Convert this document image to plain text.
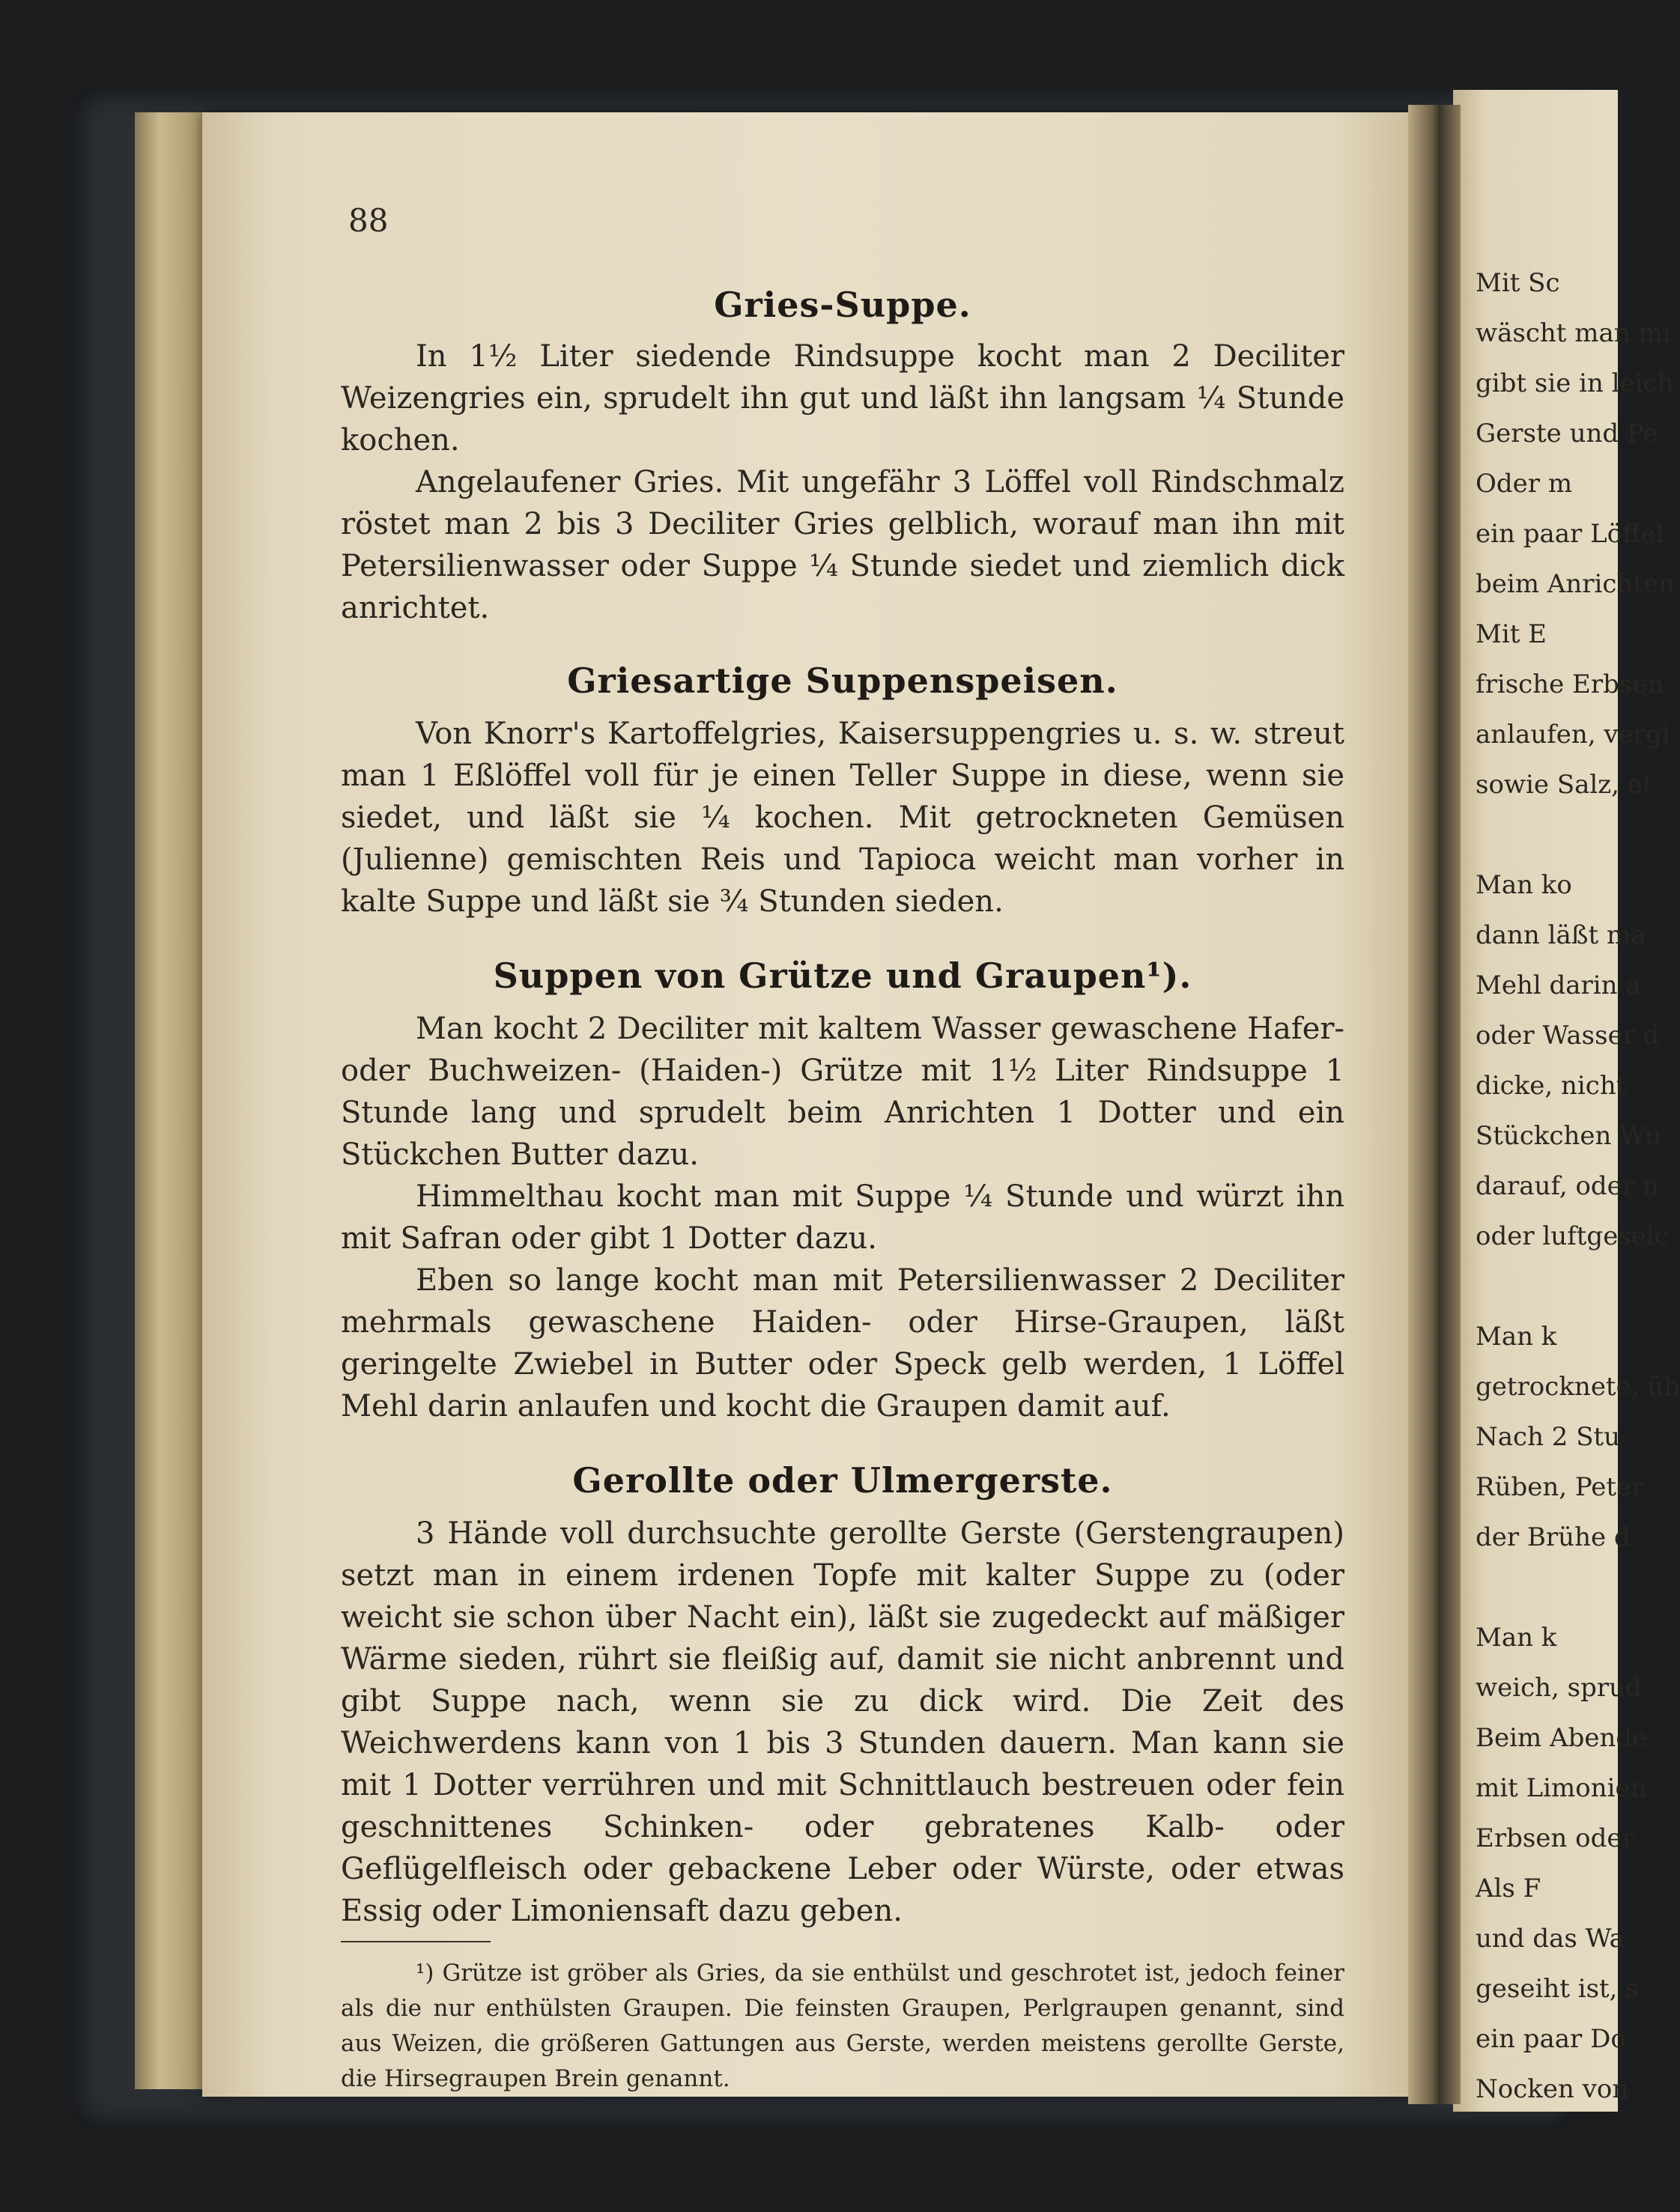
Mit Sc
wäscht man mi
gibt sie in leich
Gerste und Pe
Oder m
ein paar Löffel
beim Anrichten
Mit E
frische Erbsen
anlaufen, vergi
sowie Salz, et
Man ko
dann läßt ma
Mehl darin a
oder Wasser d
dicke, nicht
Stückchen Wu
darauf, oder n
oder luftgeselc
Man k
getrocknete, üb
Nach 2 Stu
Rüben, Peter
der Brühe d
Man k
weich, sprud
Beim Abende
mit Limonien
Erbsen oder
Als F
und das Wa
geseiht ist, s
ein paar Do
Nocken von
88
Gries-Suppe.

In 1½ Liter siedende Rindsuppe kocht man 2 Deciliter Weizengries ein, sprudelt ihn gut und läßt ihn langsam ¼ Stunde kochen.

Angelaufener Gries. Mit ungefähr 3 Löffel voll Rindschmalz röstet man 2 bis 3 Deciliter Gries gelblich, worauf man ihn mit Petersilienwasser oder Suppe ¼ Stunde siedet und ziemlich dick anrichtet.

Griesartige Suppenspeisen.

Von Knorr's Kartoffelgries, Kaisersuppengries u. s. w. streut man 1 Eßlöffel voll für je einen Teller Suppe in diese, wenn sie siedet, und läßt sie ¼ kochen. Mit getrockneten Gemüsen (Julienne) gemischten Reis und Tapioca weicht man vorher in kalte Suppe und läßt sie ¾ Stunden sieden.

Suppen von Grütze und Graupen¹).

Man kocht 2 Deciliter mit kaltem Wasser gewaschene Hafer- oder Buchweizen- (Haiden-) Grütze mit 1½ Liter Rindsuppe 1 Stunde lang und sprudelt beim Anrichten 1 Dotter und ein Stückchen Butter dazu.

Himmelthau kocht man mit Suppe ¼ Stunde und würzt ihn mit Safran oder gibt 1 Dotter dazu.

Eben so lange kocht man mit Petersilienwasser 2 Deciliter mehrmals gewaschene Haiden- oder Hirse-Graupen, läßt geringelte Zwiebel in Butter oder Speck gelb werden, 1 Löffel Mehl darin anlaufen und kocht die Graupen damit auf.

Gerollte oder Ulmergerste.

3 Hände voll durchsuchte gerollte Gerste (Gerstengraupen) setzt man in einem irdenen Topfe mit kalter Suppe zu (oder weicht sie schon über Nacht ein), läßt sie zugedeckt auf mäßiger Wärme sieden, rührt sie fleißig auf, damit sie nicht anbrennt und gibt Suppe nach, wenn sie zu dick wird. Die Zeit des Weichwerdens kann von 1 bis 3 Stunden dauern. Man kann sie mit 1 Dotter verrühren und mit Schnittlauch bestreuen oder fein geschnittenes Schinken- oder gebratenes Kalb- oder Geflügelfleisch oder gebackene Leber oder Würste, oder etwas Essig oder Limoniensaft dazu geben.

¹) Grütze ist gröber als Gries, da sie enthülst und geschrotet ist, jedoch feiner als die nur enthülsten Graupen. Die feinsten Graupen, Perlgraupen genannt, sind aus Weizen, die größeren Gattungen aus Gerste, werden meistens gerollte Gerste, die Hirsegraupen Brein genannt.
